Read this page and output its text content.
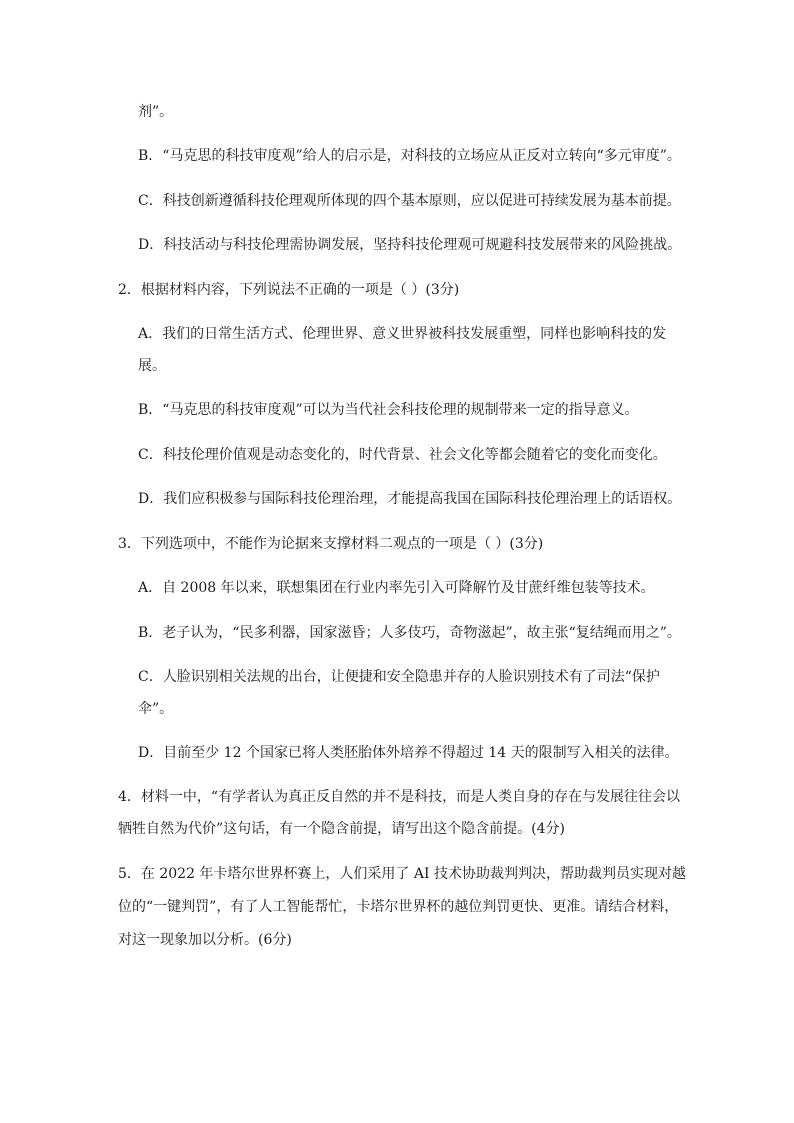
剂”。
B．“马克思的科技审度观”给人的启示是，对科技的立场应从正反对立转向“多元审度”。
C．科技创新遵循科技伦理观所体现的四个基本原则，应以促进可持续发展为基本前提。
D．科技活动与科技伦理需协调发展，坚持科技伦理观可规避科技发展带来的风险挑战。
2．根据材料内容，下列说法不正确的一项是（ ）(3分)
A．我们的日常生活方式、伦理世界、意义世界被科技发展重塑，同样也影响科技的发
展。
B．“马克思的科技审度观”可以为当代社会科技伦理的规制带来一定的指导意义。
C．科技伦理价值观是动态变化的，时代背景、社会文化等都会随着它的变化而变化。
D．我们应积极参与国际科技伦理治理，才能提高我国在国际科技伦理治理上的话语权。
3．下列选项中，不能作为论据来支撑材料二观点的一项是（ ）(3分)
A．自 2008 年以来，联想集团在行业内率先引入可降解竹及甘蔗纤维包装等技术。
B．老子认为，“民多利器，国家滋昏；人多伎巧，奇物滋起”，故主张“复结绳而用之”。
C．人脸识别相关法规的出台，让便捷和安全隐患并存的人脸识别技术有了司法“保护
伞”。
D．目前至少 12 个国家已将人类胚胎体外培养不得超过 14 天的限制写入相关的法律。
4．材料一中，“有学者认为真正反自然的并不是科技，而是人类自身的存在与发展往往会以
牺牲自然为代价”这句话，有一个隐含前提，请写出这个隐含前提。(4分)
5．在 2022 年卡塔尔世界杯赛上，人们采用了 AI 技术协助裁判判决，帮助裁判员实现对越
位的“一键判罚”，有了人工智能帮忙，卡塔尔世界杯的越位判罚更快、更准。请结合材料，
对这一现象加以分析。(6分)
